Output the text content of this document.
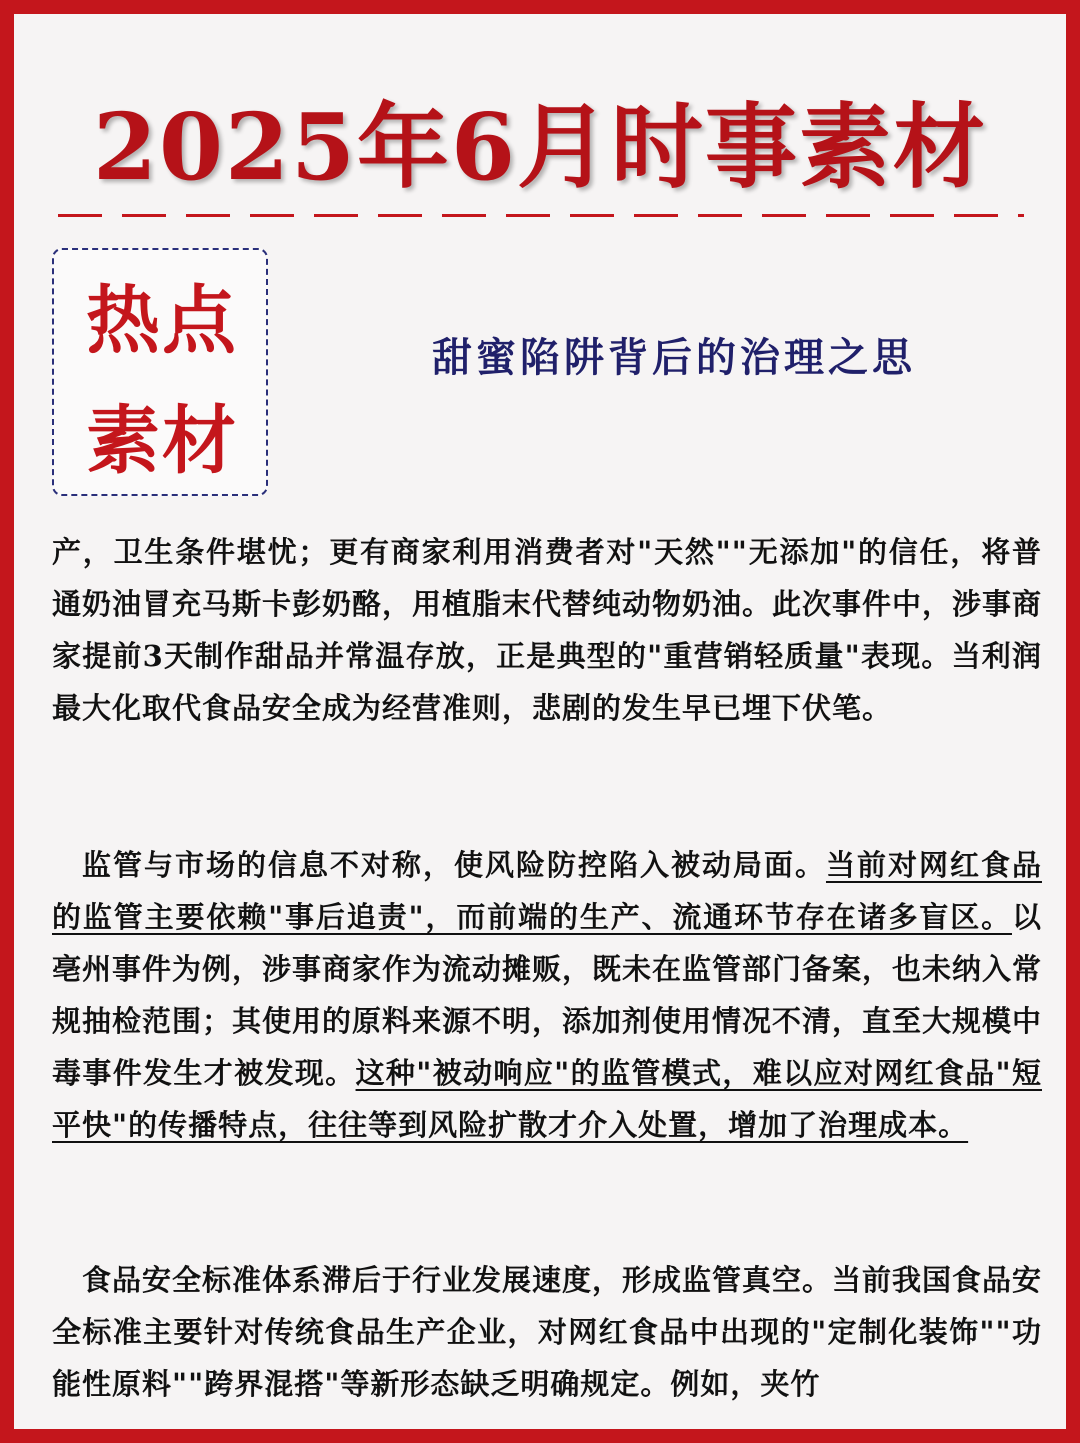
2025年6月时事素材
热点
素材
甜蜜陷阱背后的治理之思

产，卫生条件堪忧；更有商家利用消费者对"天然""无添加"的信任，将普通奶油冒充马斯卡彭奶酪，用植脂末代替纯动物奶油。此次事件中，涉事商家提前3天制作甜品并常温存放，正是典型的"重营销轻质量"表现。当利润最大化取代食品安全成为经营准则，悲剧的发生早已埋下伏笔。

监管与市场的信息不对称，使风险防控陷入被动局面。当前对网红食品的监管主要依赖"事后追责"，而前端的生产、流通环节存在诸多盲区。以亳州事件为例，涉事商家作为流动摊贩，既未在监管部门备案，也未纳入常规抽检范围；其使用的原料来源不明，添加剂使用情况不清，直至大规模中毒事件发生才被发现。这种"被动响应"的监管模式，难以应对网红食品"短平快"的传播特点，往往等到风险扩散才介入处置，增加了治理成本。

食品安全标准体系滞后于行业发展速度，形成监管真空。当前我国食品安全标准主要针对传统食品生产企业，对网红食品中出现的"定制化装饰""功能性原料""跨界混搭"等新形态缺乏明确规定。例如，夹竹
